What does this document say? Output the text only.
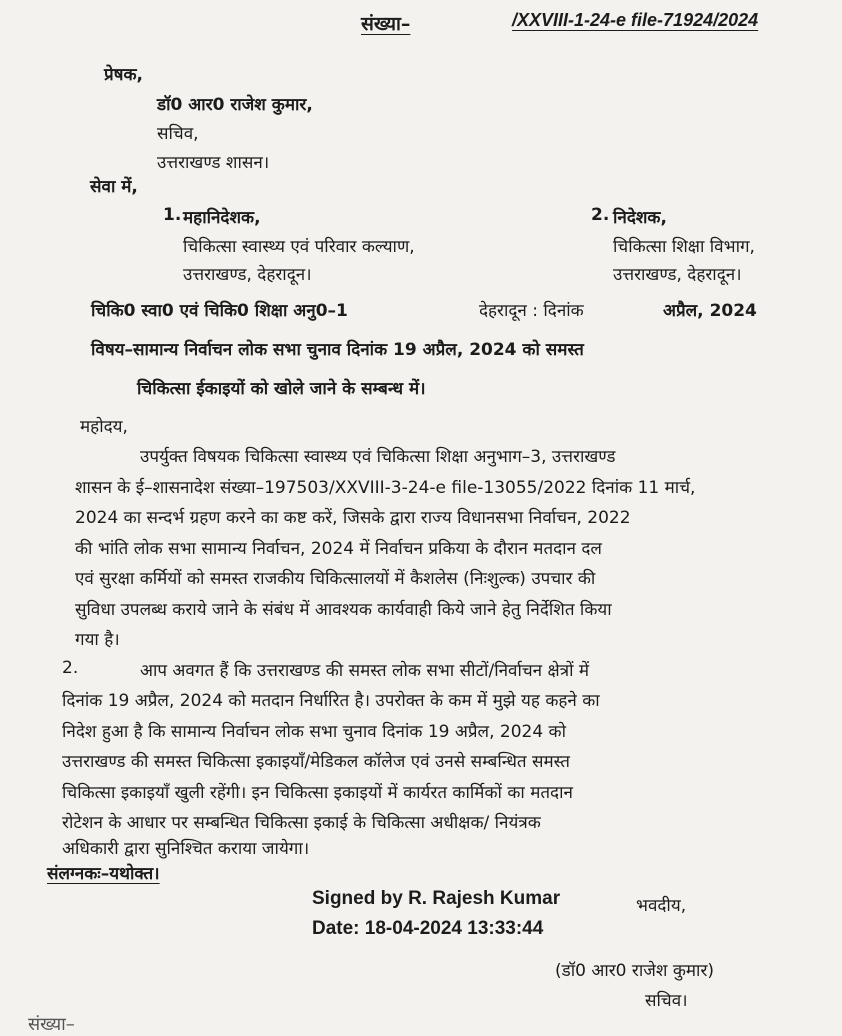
संख्या–	/XXVIII-1-24-e file-71924/2024
प्रेषक,
डॉ0 आर0 राजेश कुमार,
सचिव,
उत्तराखण्ड शासन।
सेवा में,
1. महानिदेशक,
चिकित्सा स्वास्थ्य एवं परिवार कल्याण,
उत्तराखण्ड, देहरादून।
2. निदेशक,
चिकित्सा शिक्षा विभाग,
उत्तराखण्ड, देहरादून।
चिकि0 स्वा0 एवं चिकि0 शिक्षा अनु0–1	देहरादून : दिनांक	अप्रैल, 2024
विषय–सामान्य निर्वाचन लोक सभा चुनाव दिनांक 19 अप्रैल, 2024 को समस्त
चिकित्सा ईकाइयों को खोले जाने के सम्बन्ध में।
महोदय,
उपर्युक्त विषयक चिकित्सा स्वास्थ्य एवं चिकित्सा शिक्षा अनुभाग–3, उत्तराखण्ड
शासन के ई–शासनादेश संख्या–197503/XXVIII-3-24-e file-13055/2022 दिनांक 11 मार्च,
2024 का सन्दर्भ ग्रहण करने का कष्ट करें, जिसके द्वारा राज्य विधानसभा निर्वाचन, 2022
की भांति लोक सभा सामान्य निर्वाचन, 2024 में निर्वाचन प्रकिया के दौरान मतदान दल
एवं सुरक्षा कर्मियों को समस्त राजकीय चिकित्सालयों में कैशलेस (निःशुल्क) उपचार की
सुविधा उपलब्ध कराये जाने के संबंध में आवश्यक कार्यवाही किये जाने हेतु निर्देशित किया
गया है।
2.	आप अवगत हैं कि उत्तराखण्ड की समस्त लोक सभा सीटों/निर्वाचन क्षेत्रों में
दिनांक 19 अप्रैल, 2024 को मतदान निर्धारित है। उपरोक्त के कम में मुझे यह कहने का
निदेश हुआ है कि सामान्य निर्वाचन लोक सभा चुनाव दिनांक 19 अप्रैल, 2024 को
उत्तराखण्ड की समस्त चिकित्सा इकाइयाँ/मेडिकल कॉलेज एवं उनसे सम्बन्धित समस्त
चिकित्सा इकाइयाँ खुली रहेंगी। इन चिकित्सा इकाइयों में कार्यरत कार्मिकों का मतदान
रोटेशन के आधार पर सम्बन्धित चिकित्सा इकाई के चिकित्सा अधीक्षक/ नियंत्रक
अधिकारी द्वारा सुनिश्चित कराया जायेगा।
संलग्नकः–यथोक्त।
Signed by R. Rajesh Kumar	भवदीय,
Date: 18-04-2024 13:33:44
(डॉ0 आर0 राजेश कुमार)
सचिव।
संख्या–
